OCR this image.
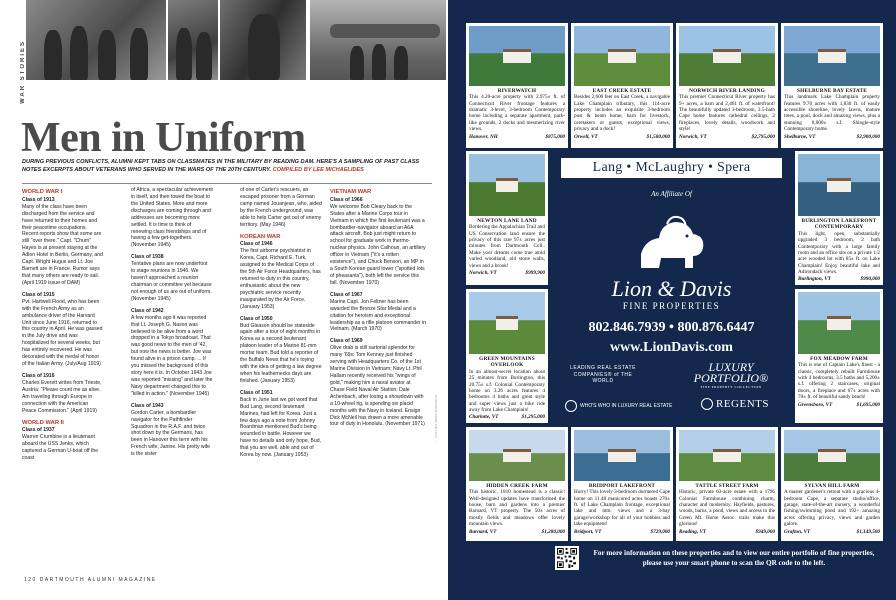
WAR STORIES
Men in Uniform
DURING PREVIOUS CONFLICTS, ALUMNI KEPT TABS ON CLASSMATES IN THE MILITARY BY READING DAM. HERE'S A SAMPLING OF PAST CLASS NOTES EXCERPTS ABOUT VETERANS WHO SERVED IN THE WARS OF THE 20TH CENTURY. COMPILED BY LEE MICHAELIDES

WORLD WAR I

Class of 1913
Many of the class have been discharged from the service and have returned to their homes and their peacetime occupations. Recent reports show that some are still "over there." Capt. "Chum" Hayes is at present staying at the Adlon Hotel in Berlin, Germany, and Capt. Wright Hugus and Lt. Joe Barnett are in France. Rumor says that many others are ready to sail. (April 1919 issue of DAM)

Class of 1915
Pvt. Hartwell Flood, who has been with the French Army as an ambulance driver of the Harvard Unit since June 1916, returned to this country in April. He was gassed in the July drive and was hospitalized for several weeks, but has entirely recovered. He was decorated with the medal of honor of the Italian Army. (July/Aug 1919)

Class of 1916
Charles Everett writes from Trieste, Austria: "Please count me as alive. Am traveling through Europe in connection with the American Peace Commission." (April 1919)

WORLD WAR II

Class of 1937
Warren Crumbine is a lieutenant aboard the USS Jenks, which captured a German U-boat off the coast

of Africa, a spectacular achievement in itself, and then towed the boat to the United States. More and more discharges are coming through and addresses are becoming more settled. It is time to think of renewing class friendships and of having a few get-togethers. (November 1945)

Class of 1938
Tentative plans are now underfoot to stage reunions in 1946. We haven't approached a reunion chairman or committee yet because not enough of us are out of uniform. (November 1945)

Class of 1942
A few months ago it was reported that Lt. Joseph G. Nason was believed to be alive from a word dropped in a Tokyo broadcast. That was good news to the men of '42, but now the news is better. Joe was found alive in a prison camp. ... If you missed the background of this story here it is. In October 1943 Joe was reported "missing" and later the Navy department changed this to "killed in action." (November 1945)

Class of 1943
Gordon Carter, a bombardier navigator for the Pathfinder Squadron in the R.A.F. and twice shot down by the Germans, has been in Hanover this term with his French wife, Janine. His pretty wife is the sister

of one of Carter's rescuers, an escaped prisoner from a German camp named Jouanjean, who, aided by the French underground, was able to help Carter get out of enemy territory. (May 1946)

KOREAN WAR

Class of 1946
The first airborne psychiatrist in Korea, Capt. Richard E. Turk, assigned to the Medical Corps of the 5th Air Force Headquarters, has returned to duty in this country, enthusiastic about the new psychiatric service recently inaugurated by the Air Force. (January 1953)

Class of 1950
Bud Gleason should be stateside again after a tour of eight months in Korea as a second lieutenant platoon leader of a Marine 81-mm mortar team. Bud told a reporter of the Buffalo News that he's toying with the idea of getting a law degree when his leathernecks days are finished. (January 1953)

Class of 1951
Back in June last we got word that Bud Lang, second lieutenant Marines, had left for Korea. Just a few days ago a note from Johnny Boardman mentioned Bud's being wounded in battle. However we have no details and only hope, Bud, that you are well, able and out of Korea by now. (January 1953)

VIETNAM WAR

Class of 1966
We welcome Bob Cleary back to the States after a Marine Corps tour in Vietnam in which the first lieutenant was a bombardier-navigator aboard an A6A attack aircraft. Bob just might return to school for graduate work in thermo-nuclear physics. John Calhoun, an artillery officer in Vietnam ("it's a rotten existence"), and Chuck Benson, an MP in a South Korean guard tower ("spotted lots of pheasants"), both left the service this fall. (November 1970)

Class of 1967
Marine Capt. Jon Feltner has been awarded the Bronze Star Medal and a citation for heroism and exceptional leadership as a rifle platoon commander in Vietnam. (March 1970)

Class of 1969
Olive drab is still sartorial splendor for many '69s: Tom Kenney just finished serving with Headquarters Co. of the 1st Marine Division in Vietnam; Navy Lt. Phil Hallam recently received his "wings of gold," making him a naval aviator at Chase Field Naval Air Station; Dale Achenbach, after losing a showdown with a 10-wheel rig, is spending six placid months with the Navy in Iceland. Ensign Dick McNeil has drawn a more amenable tour of duty in Honolulu. (November 1971)

120 DARTMOUTH ALUMNI MAGAZINE
CLOCKWISE FROM TOP LEFT: ...
RIVERWATCH
This 4.20-acre property with 2.975± ft. of Connecticut River frontage features a dramatic 3-level, 3-bedroom Contemporary home including a separate apartment, park-like grounds, 2 docks and mesmerizing river views.
Hanover, NH	$875,000
EAST CREEK ESTATE
Besides 2,600 feet on East Creek, a navigable Lake Champlain tributary, this 114-acre property includes an exquisite 3-bedroom post & beam home, barn for livestock, caretakers or guests, exceptional views, privacy and a dock!
Orwell, VT	$1,500,000
NORWICH RIVER LANDING
This premier Connecticut River property has 9+ acres, a barn and 2,461 ft. of waterfront! The beautifully updated 3-bedroom, 3.5-bath Cape home features cathedral ceilings, 2 fireplaces, lovely details, woodwork and style!
Norwich, VT	$2,795,000
SHELBURNE BAY ESTATE
This landmark Lake Champlain property features 9.70 acres with 1,830 ft. of easily accessible shoreline, lovely lawns, mature trees, a pool, dock and amazing views, plus a stunning 8,000± s.f. Shingle-style Contemporary home.
Shelburne, VT	$2,900,000
NEWTON LANE LAND
Bordering the Appalachian Trail and US Conservation land ensure the privacy of this rare 97± acres just minutes from Dartmouth Coll.. Make your dreams come true amid varied woodland, old stone walls, views and a brook!
Norwich, VT	$999,900
BURLINGTON LAKEFRONT CONTEMPORARY
This light, open, substantially upgraded 3 bedroom, 2 bath Contemporary with a large family room and an office sits on a private 1/2 acre wooded lot with 85± ft. on Lake Champlain! Enjoy beautiful lake and Adirondack views.
Burlington, VT	$990,000
GREEN MOUNTAINS OVERLOOK
In an almost-secret location about 25 minutes from Burlington, this 20.75± s.f. Colonial Contemporary home on 3.26 acres features 4 bedrooms 4 baths and great style and super views just a bike ride away from Lake Champlain!
Charlotte, VT	$1,295,000
FOX MEADOW FARM
This is one of Captain Lake's finest - a classic, completely rebuilt Farmhouse with 4 bedrooms, 3.5 baths and 5,200± s.f. offering 2 staircases, original doors, a fireplace and 67± acres with 70± ft. of beautiful sandy beach!
Greensboro, VT	$1,695,000
HIDDEN CREEK FARM
This historic, 1810 homestead is a classic! Well-designed updates have transformed the house, barn and gardens into a premier Barnard, VT property. The 50± acres of mostly fields and meadows offer lovely mountain views.
Barnard, VT	$1,280,000
BRIDPORT LAKEFRONT
Hurry! This lovely 3-bedroom dormered Cape home on 11.48 manicured acres boasts 270± ft. of Lake Champlain frontage, exceptional lake and mtn. views and a 3-bay garage/workshop for all of your hobbies and lake equipment!
Bridport, VT	$729,000
TATTLE STREET FARM
Historic, private 63-acre estate with a 1796 Colonial Farmhouse combining charm, character and modernity. Hayfields, pastures, woods, barns, a pond, views and access to the Green Mt. Horse Assoc. trails make this glorious!
Reading, VT	$949,000
SYLVAN HILL FARM
A master gardener's retreat with a gracious 4-bedroom Cape, a separate studio/office, garage, state-of-the-art nursery, a wonderful fishing/swimming pond and 192+ amazing acres offering privacy, views and garden galore.
Grafton, VT	$1,149,500
Lang • McLaughry • Spera
An Affiliate Of
Lion & Davis
FINE PROPERTIES
802.846.7939 • 800.876.6447
www.LionDavis.com
LEADING REAL ESTATE COMPANIES® of THE WORLD
LUXURY PORTFOLIO®
FINE PROPERTY COLLECTION
WHO'S WHO IN LUXURY REAL ESTATE	REGENTS
For more information on these properties and to view our entire portfolio of fine properties, please use your smart phone to scan the QR code to the left.
